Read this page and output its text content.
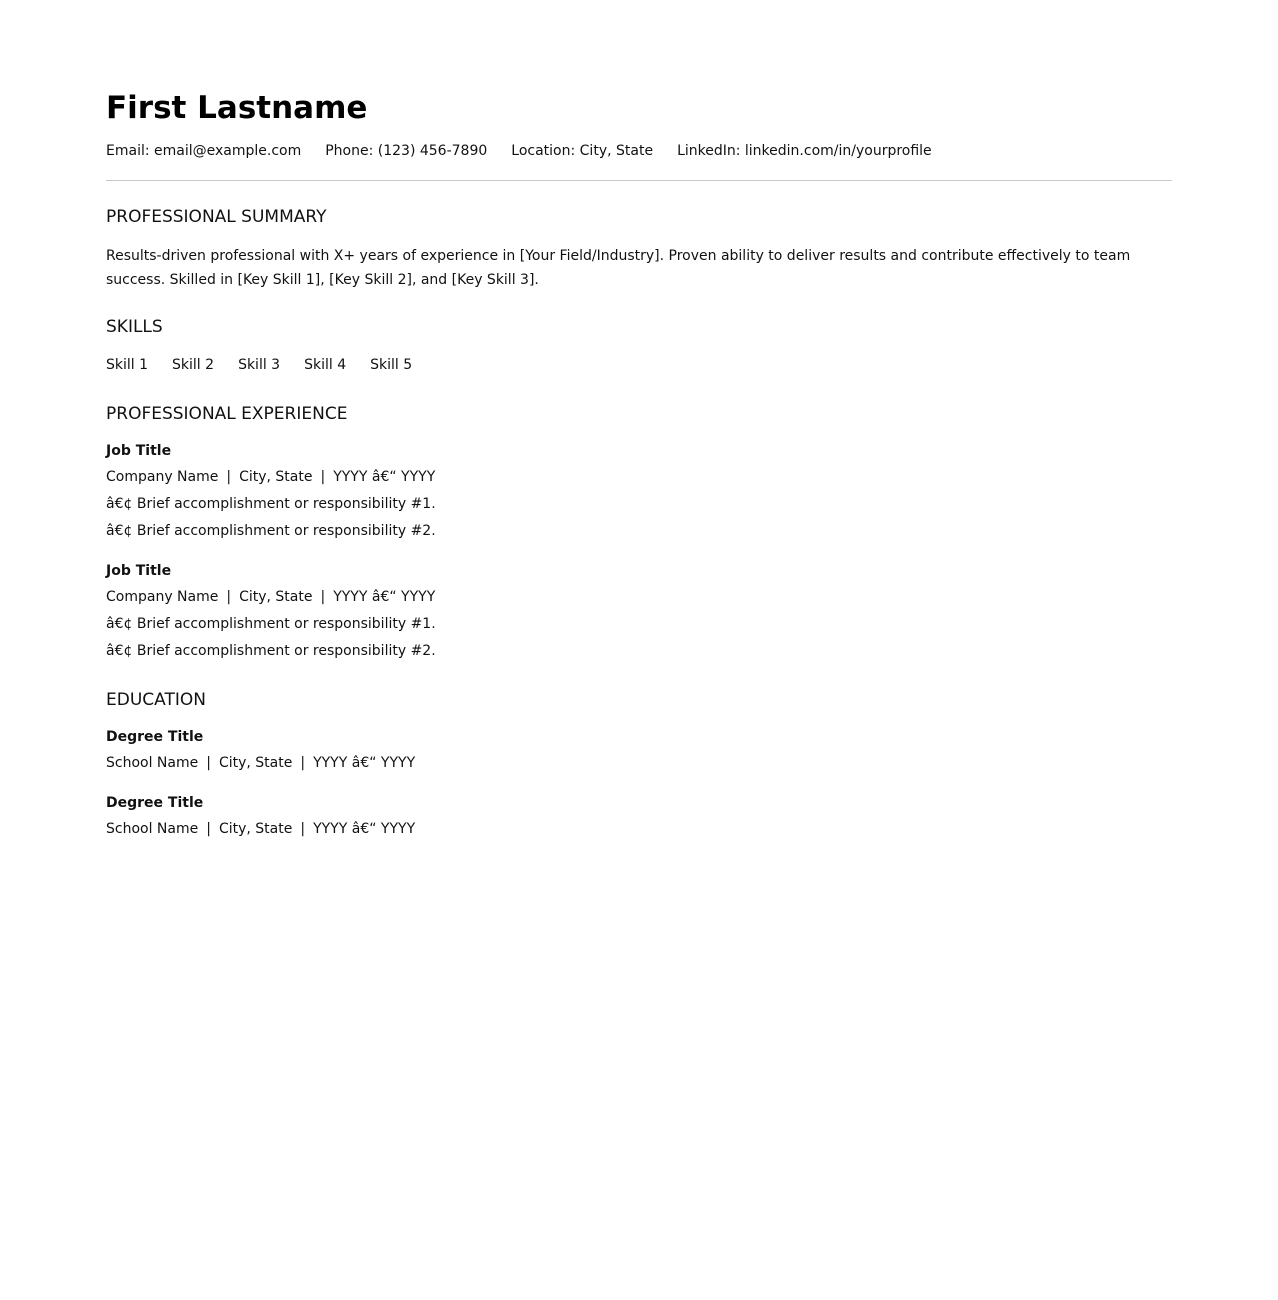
First Lastname
Email: email@example.com Phone: (123) 456-7890 Location: City, State LinkedIn: linkedin.com/in/yourprofile
PROFESSIONAL SUMMARY
Results-driven professional with X+ years of experience in [Your Field/Industry]. Proven ability to deliver results and contribute effectively to team success. Skilled in [Key Skill 1], [Key Skill 2], and [Key Skill 3].
SKILLS
Skill 1 Skill 2 Skill 3 Skill 4 Skill 5
PROFESSIONAL EXPERIENCE
Job Title
Company Name | City, State | YYYY â€“ YYYY
â€¢ Brief accomplishment or responsibility #1.
â€¢ Brief accomplishment or responsibility #2.
Job Title
Company Name | City, State | YYYY â€“ YYYY
â€¢ Brief accomplishment or responsibility #1.
â€¢ Brief accomplishment or responsibility #2.
EDUCATION
Degree Title
School Name | City, State | YYYY â€“ YYYY
Degree Title
School Name | City, State | YYYY â€“ YYYY
